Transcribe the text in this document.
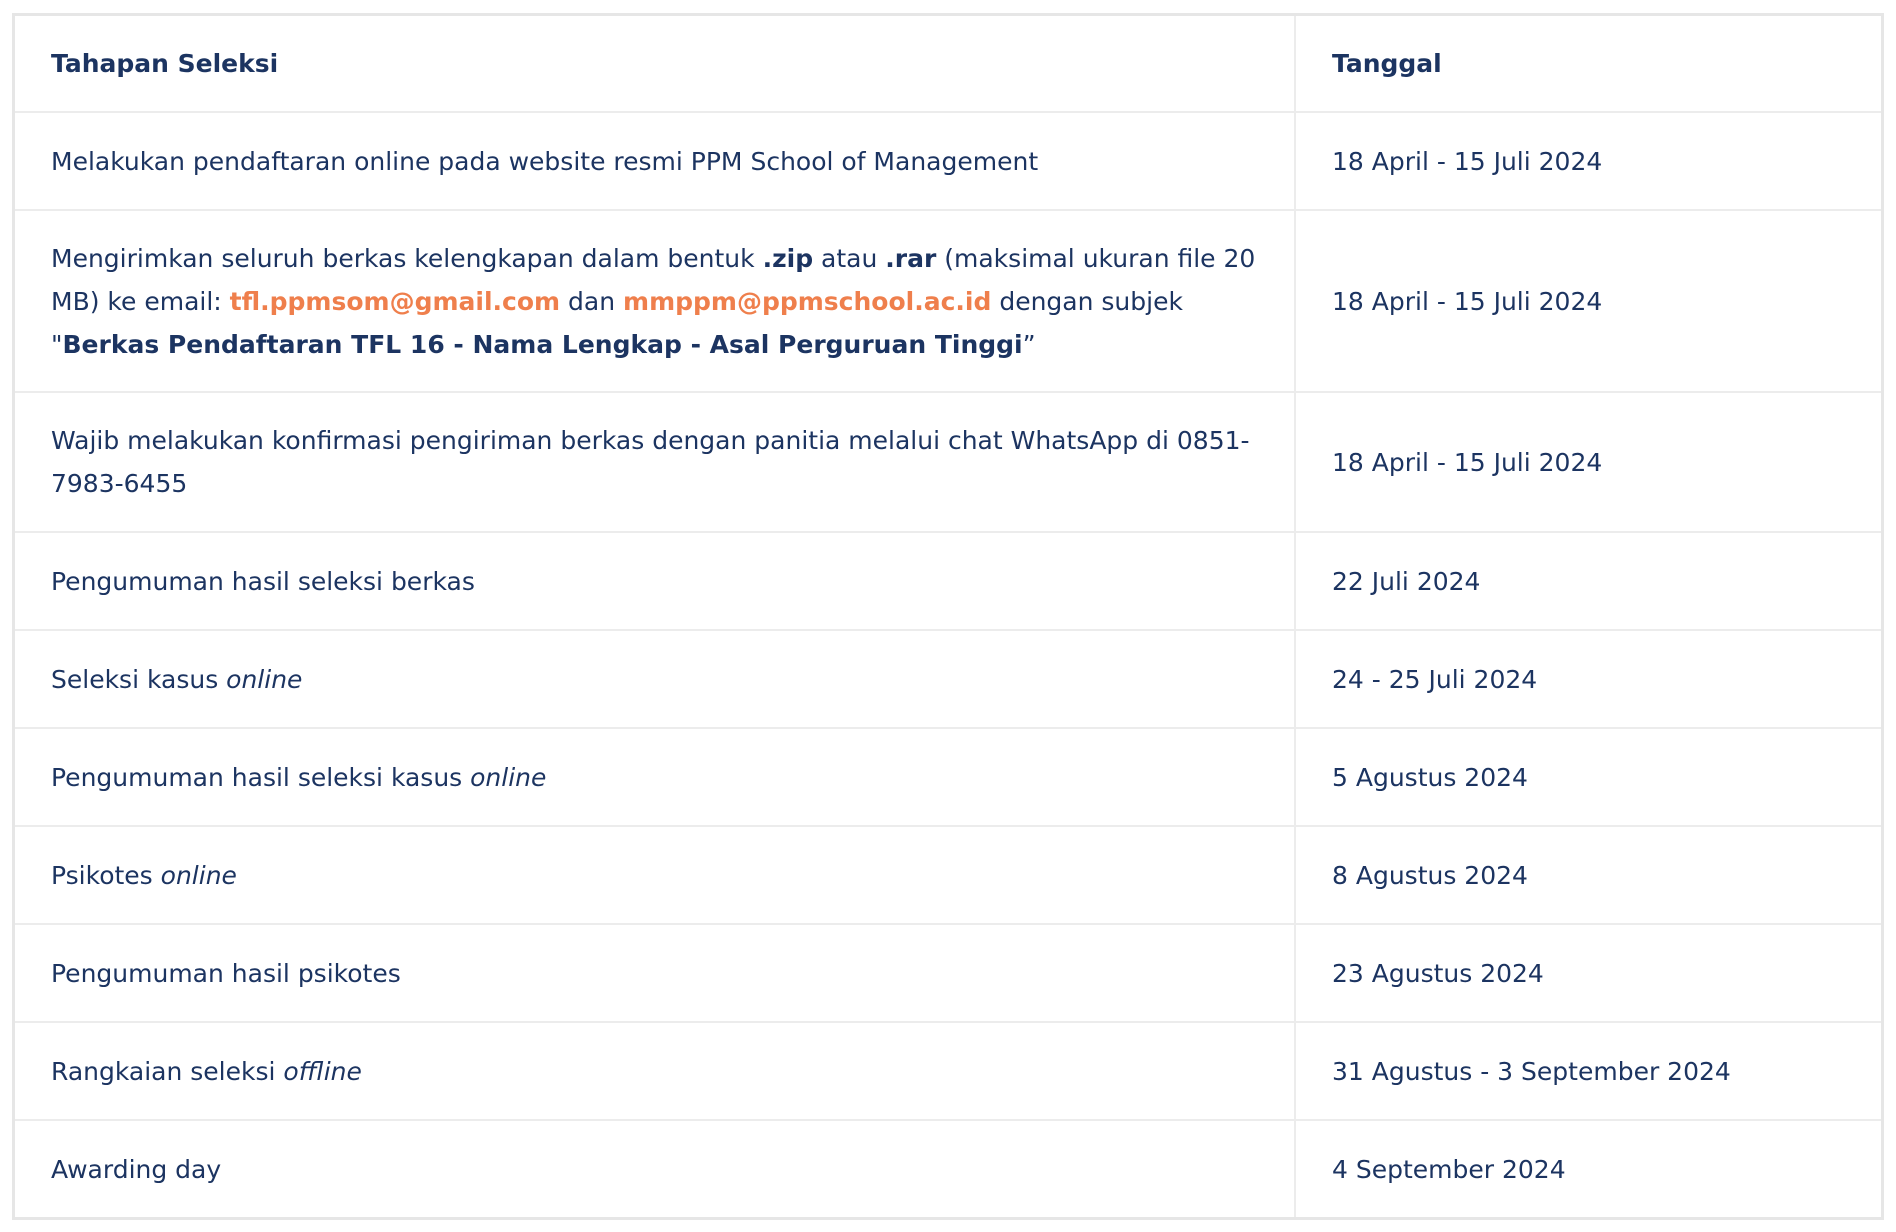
Tahapan Seleksi	Tanggal
Melakukan pendaftaran online pada website resmi PPM School of Management	18 April - 15 Juli 2024
Mengirimkan seluruh berkas kelengkapan dalam bentuk .zip atau .rar (maksimal ukuran file 20 MB) ke email: tfl.ppmsom@gmail.com dan mmppm@ppmschool.ac.id dengan subjek "Berkas Pendaftaran TFL 16 - Nama Lengkap - Asal Perguruan Tinggi”	18 April - 15 Juli 2024
Wajib melakukan konfirmasi pengiriman berkas dengan panitia melalui chat WhatsApp di 0851-7983-6455	18 April - 15 Juli 2024
Pengumuman hasil seleksi berkas	22 Juli 2024
Seleksi kasus online	24 - 25 Juli 2024
Pengumuman hasil seleksi kasus online	5 Agustus 2024
Psikotes online	8 Agustus 2024
Pengumuman hasil psikotes	23 Agustus 2024
Rangkaian seleksi offline	31 Agustus - 3 September 2024
Awarding day	4 September 2024
